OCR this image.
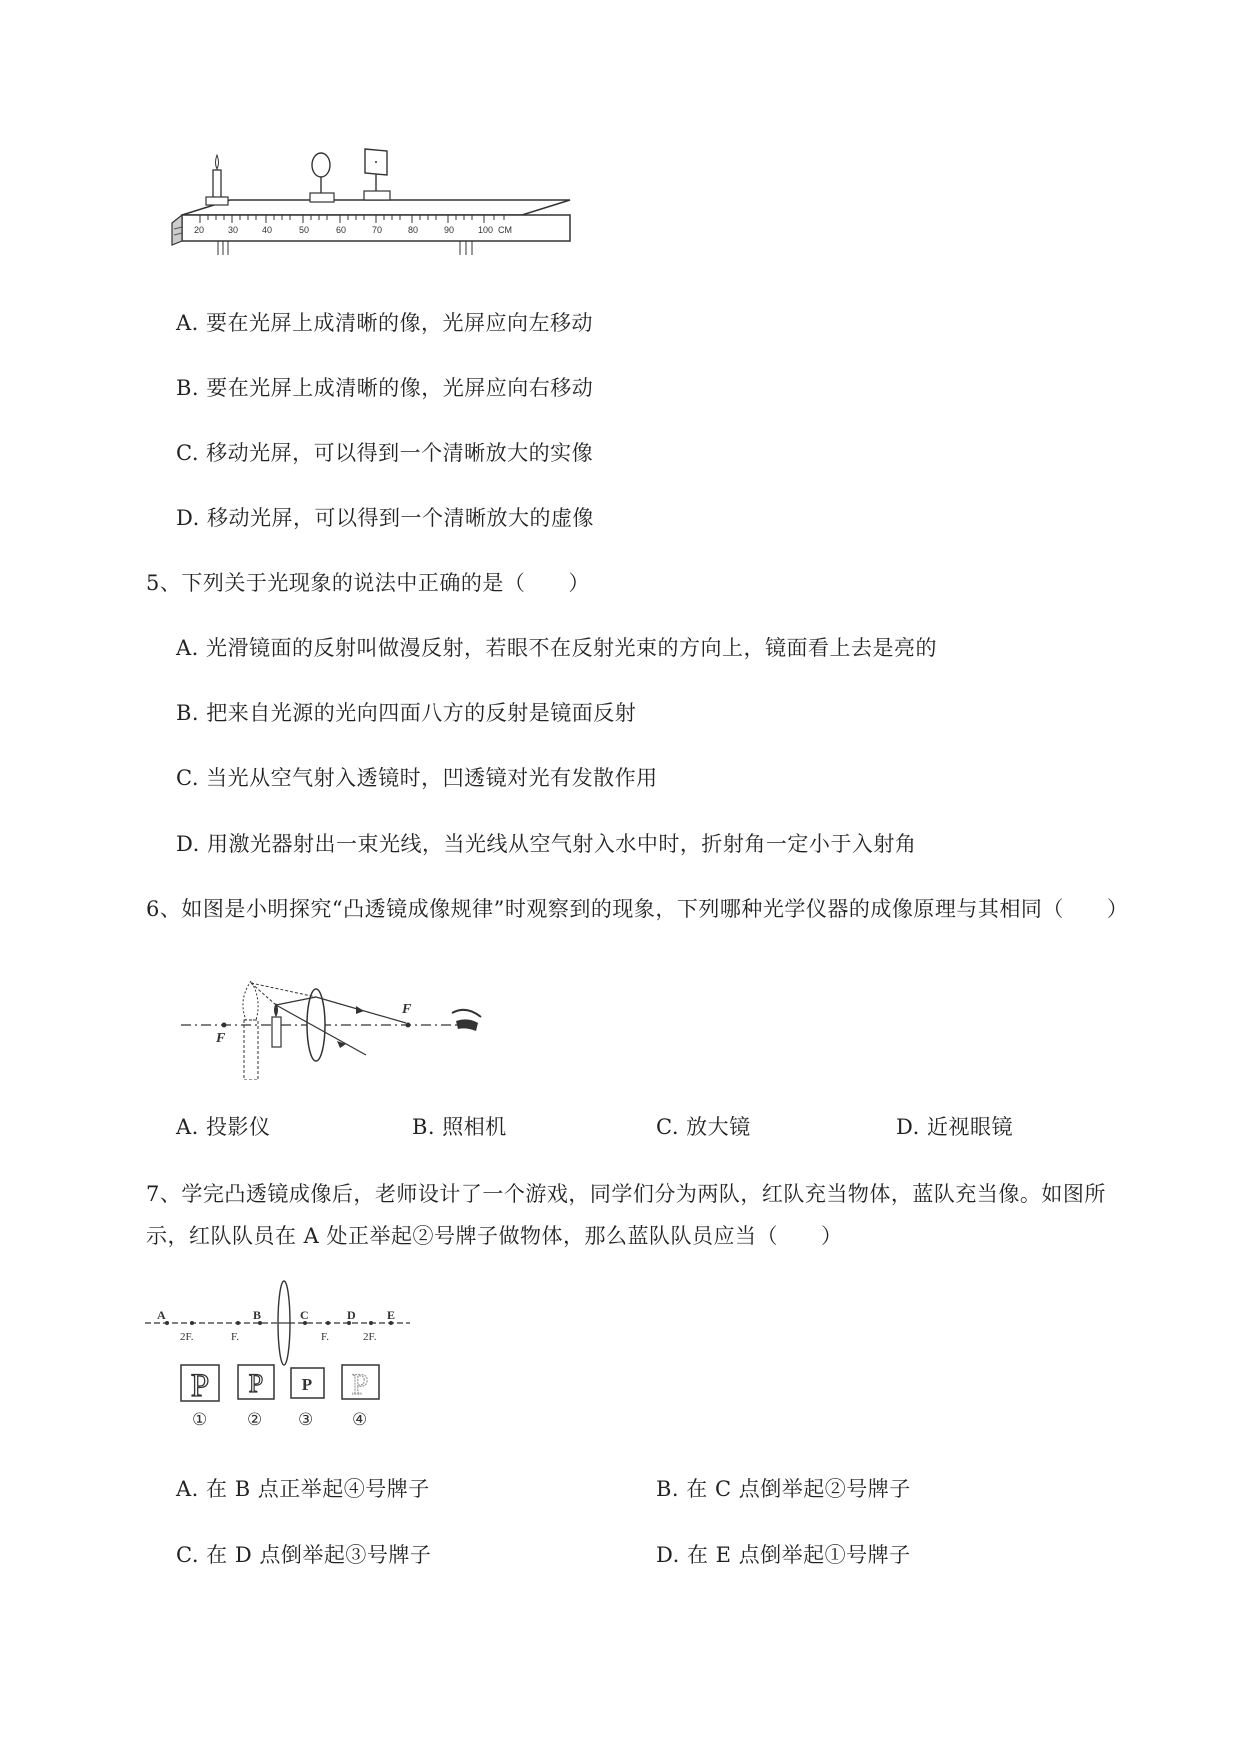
20	30	40	50	60	70	80	90	100 CM
A. 要在光屏上成清晰的像，光屏应向左移动
B. 要在光屏上成清晰的像，光屏应向右移动
C. 移动光屏，可以得到一个清晰放大的实像
D. 移动光屏，可以得到一个清晰放大的虚像
5、下列关于光现象的说法中正确的是（　　）
A. 光滑镜面的反射叫做漫反射，若眼不在反射光束的方向上，镜面看上去是亮的
B. 把来自光源的光向四面八方的反射是镜面反射
C. 当光从空气射入透镜时，凹透镜对光有发散作用
D. 用激光器射出一束光线，当光线从空气射入水中时，折射角一定小于入射角
6、如图是小明探究“凸透镜成像规律”时观察到的现象，下列哪种光学仪器的成像原理与其相同（　　）
F
F
A. 投影仪	B. 照相机	C. 放大镜	D. 近视眼镜
7、学完凸透镜成像后，老师设计了一个游戏，同学们分为两队，红队充当物体，蓝队充当像。如图所
示，红队队员在 A 处正举起②号牌子做物体，那么蓝队队员应当（　　）
A	B	C	D	E
2F.	F.	F.	2F.
P P P P
① ② ③ ④
A. 在 B 点正举起④号牌子	B. 在 C 点倒举起②号牌子
C. 在 D 点倒举起③号牌子	D. 在 E 点倒举起①号牌子
